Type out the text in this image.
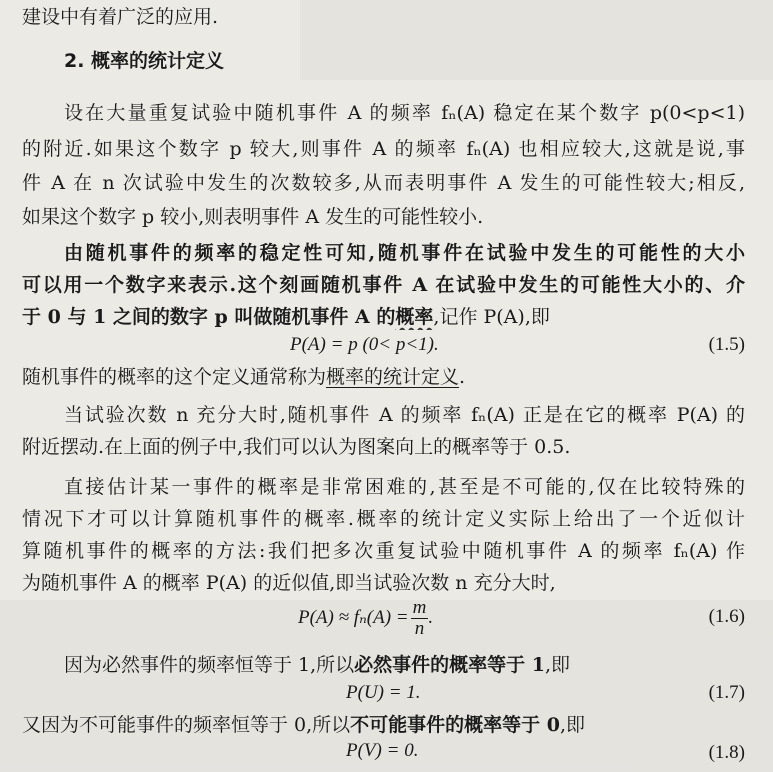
建设中有着广泛的应用.
2. 概率的统计定义
设在大量重复试验中随机事件 A 的频率 fₙ(A) 稳定在某个数字 p(0<p<1)
的附近.如果这个数字 p 较大,则事件 A 的频率 fₙ(A) 也相应较大,这就是说,事
件 A 在 n 次试验中发生的次数较多,从而表明事件 A 发生的可能性较大;相反,
如果这个数字 p 较小,则表明事件 A 发生的可能性较小.
由随机事件的频率的稳定性可知,随机事件在试验中发生的可能性的大小
可以用一个数字来表示.这个刻画随机事件 A 在试验中发生的可能性大小的、介
于 0 与 1 之间的数字 p 叫做随机事件 A 的概率,记作 P(A),即
P(A) = p (0< p<1).	(1.5)
随机事件的概率的这个定义通常称为概率的统计定义.
当试验次数 n 充分大时,随机事件 A 的频率 fₙ(A) 正是在它的概率 P(A) 的
附近摆动.在上面的例子中,我们可以认为图案向上的概率等于 0.5.
直接估计某一事件的概率是非常困难的,甚至是不可能的,仅在比较特殊的
情况下才可以计算随机事件的概率.概率的统计定义实际上给出了一个近似计
算随机事件的概率的方法:我们把多次重复试验中随机事件 A 的频率 fₙ(A) 作
为随机事件 A 的概率 P(A) 的近似值,即当试验次数 n 充分大时,
$P(A) \approx f_n(A) = \frac{m}{n}$ .	(1.6)
因为必然事件的频率恒等于 1,所以必然事件的概率等于 1,即
P(U) = 1.	(1.7)
又因为不可能事件的频率恒等于 0,所以不可能事件的概率等于 0,即
P(V) = 0.	(1.8)
